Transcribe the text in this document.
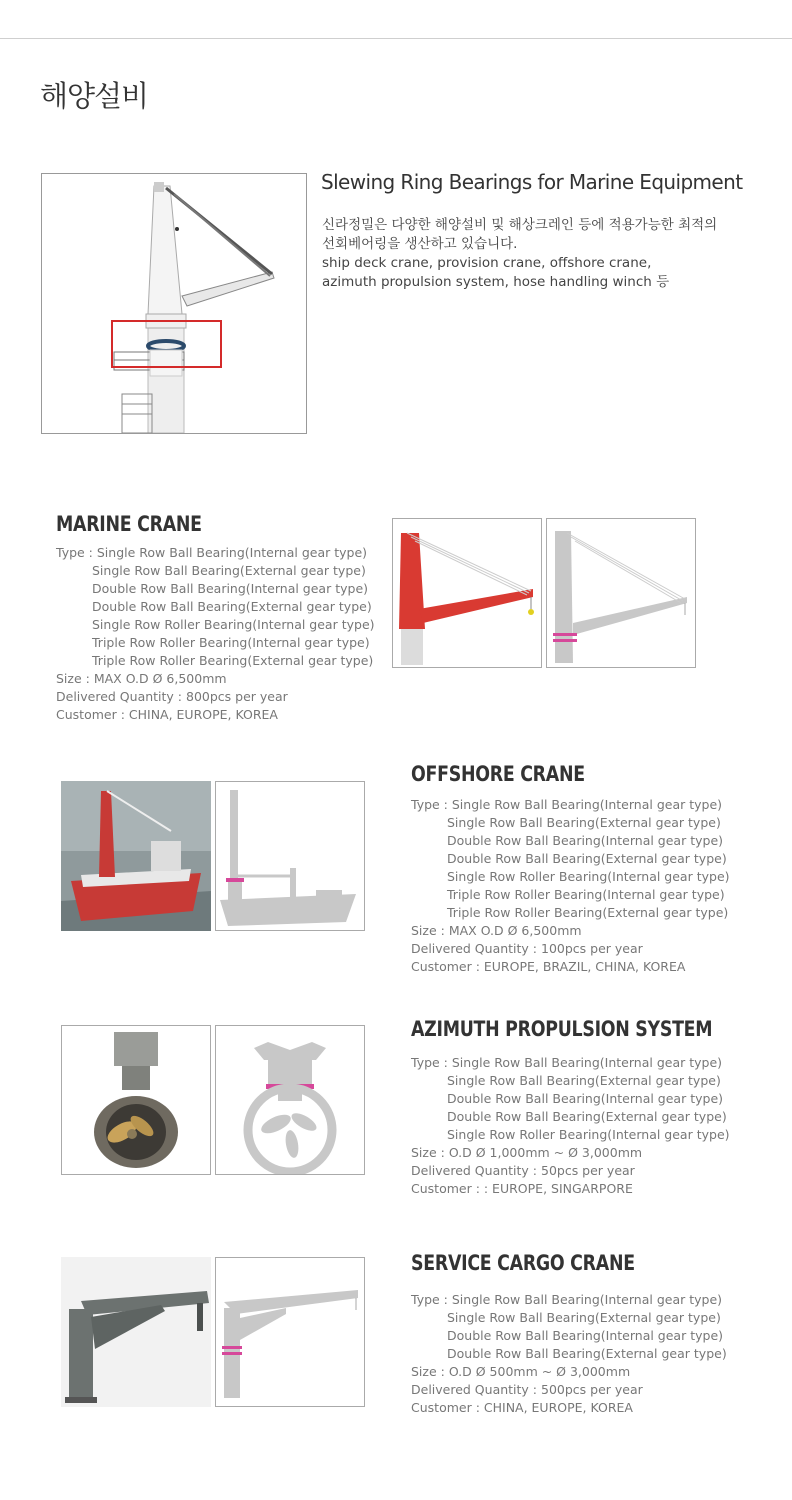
해양설비
Slewing Ring Bearings for Marine Equipment
신라정밀은 다양한 해양설비 및 해상크레인 등에 적용가능한 최적의
선회베어링을 생산하고 있습니다.
ship deck crane, provision crane, offshore crane,
azimuth propulsion system, hose handling winch 등
MARINE CRANE
Type : Single Row Ball Bearing(Internal gear type)
Single Row Ball Bearing(External gear type)
Double Row Ball Bearing(Internal gear type)
Double Row Ball Bearing(External gear type)
Single Row Roller Bearing(Internal gear type)
Triple Row Roller Bearing(Internal gear type)
Triple Row Roller Bearing(External gear type)
Size : MAX O.D Ø 6,500mm
Delivered Quantity : 800pcs per year
Customer : CHINA, EUROPE, KOREA
OFFSHORE CRANE
Type : Single Row Ball Bearing(Internal gear type)
Single Row Ball Bearing(External gear type)
Double Row Ball Bearing(Internal gear type)
Double Row Ball Bearing(External gear type)
Single Row Roller Bearing(Internal gear type)
Triple Row Roller Bearing(Internal gear type)
Triple Row Roller Bearing(External gear type)
Size : MAX O.D Ø 6,500mm
Delivered Quantity : 100pcs per year
Customer : EUROPE, BRAZIL, CHINA, KOREA
AZIMUTH PROPULSION SYSTEM
Type : Single Row Ball Bearing(Internal gear type)
Single Row Ball Bearing(External gear type)
Double Row Ball Bearing(Internal gear type)
Double Row Ball Bearing(External gear type)
Single Row Roller Bearing(Internal gear type)
Size : O.D Ø 1,000mm ~ Ø 3,000mm
Delivered Quantity : 50pcs per year
Customer : : EUROPE, SINGARPORE
SERVICE CARGO CRANE
Type : Single Row Ball Bearing(Internal gear type)
Single Row Ball Bearing(External gear type)
Double Row Ball Bearing(Internal gear type)
Double Row Ball Bearing(External gear type)
Size : O.D Ø 500mm ~ Ø 3,000mm
Delivered Quantity : 500pcs per year
Customer : CHINA, EUROPE, KOREA
